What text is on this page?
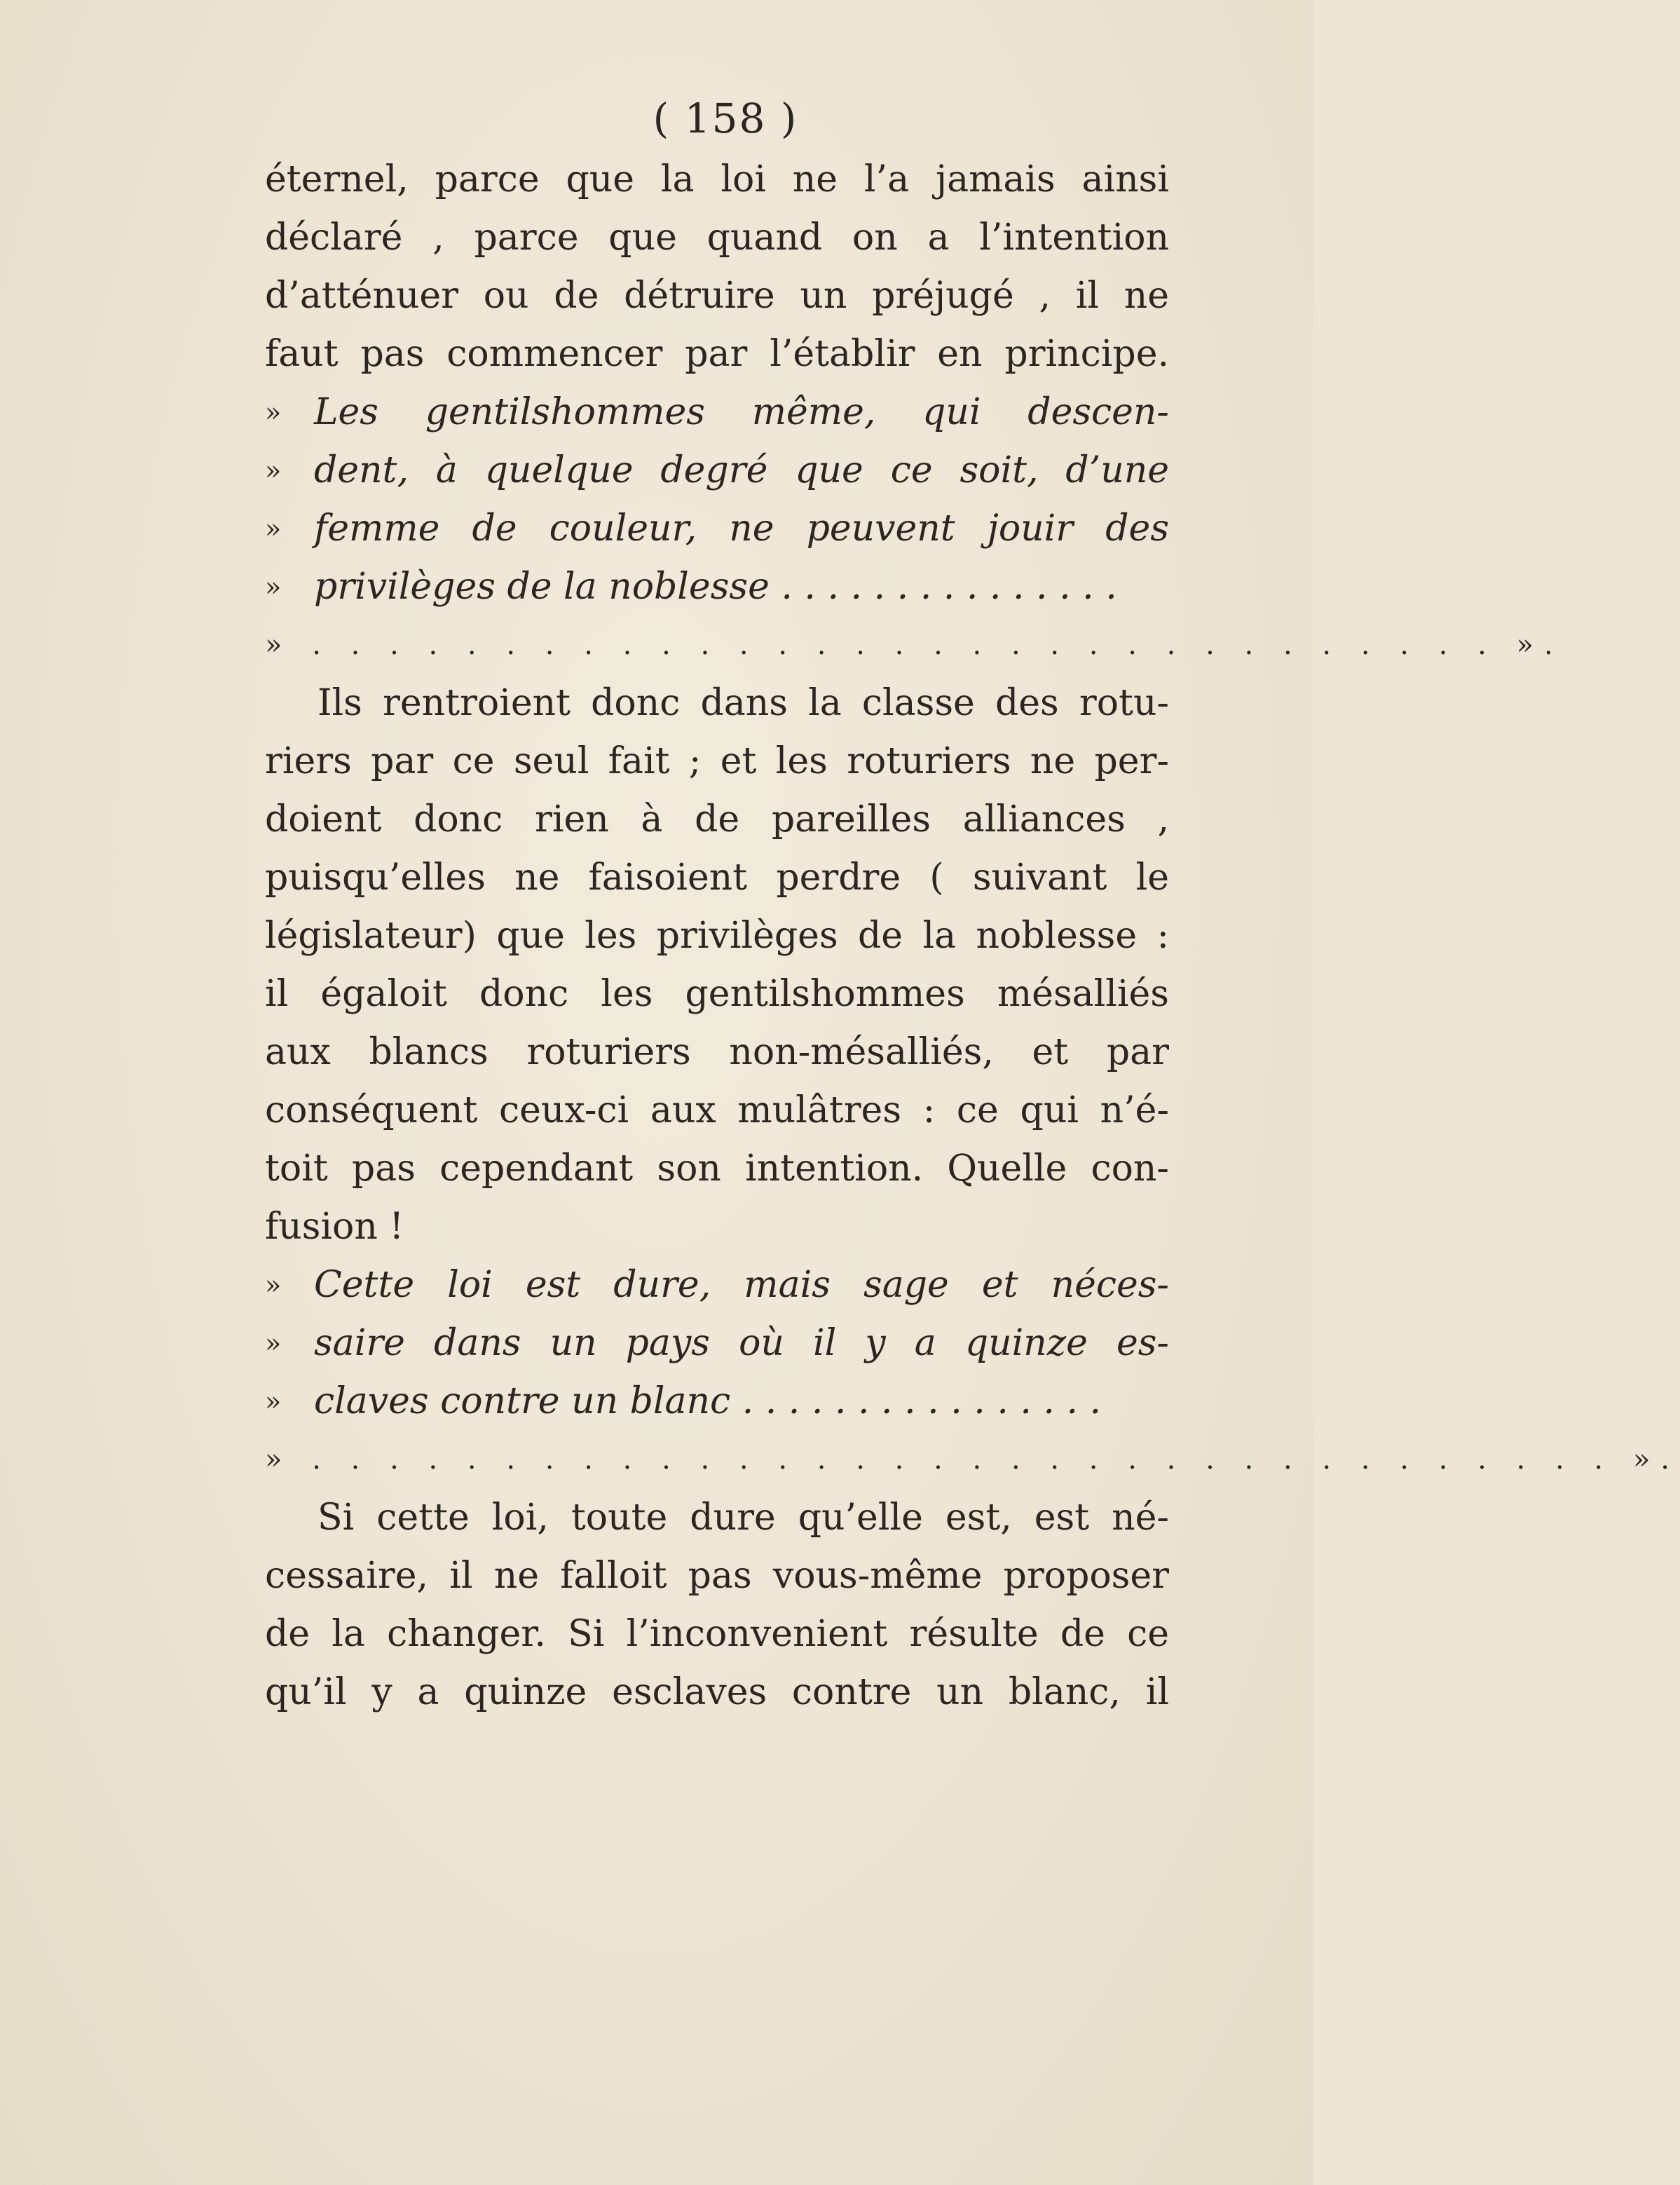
( 158 )
éternel, parce que la loi ne l’a jamais ainsi
déclaré , parce que quand on a l’intention
d’atténuer ou de détruire un préjugé , il ne
faut pas commencer par l’établir en principe.
» Les gentilshommes même, qui descen-
» dent, à quelque degré que ce soit, d’une
» femme de couleur, ne peuvent jouir des
» privilèges de la noblesse . . . . . . . . . . . . . . .
» . . . . . . . . . . . . . . . . . . . . . . . . . . . . . . . ».
Ils rentroient donc dans la classe des rotu-
riers par ce seul fait ; et les roturiers ne per-
doient donc rien à de pareilles alliances ,
puisqu’elles ne faisoient perdre ( suivant le
législateur) que les privilèges de la noblesse :
il égaloit donc les gentilshommes mésalliés
aux blancs roturiers non-mésalliés, et par
conséquent ceux-ci aux mulâtres : ce qui n’é-
toit pas cependant son intention. Quelle con-
fusion !
» Cette loi est dure, mais sage et néces-
» saire dans un pays où il y a quinze es-
» claves contre un blanc . . . . . . . . . . . . . . . .
» . . . . . . . . . . . . . . . . . . . . . . . . . . . . . . . . . . ».
Si cette loi, toute dure qu’elle est, est né-
cessaire, il ne falloit pas vous-même proposer
de la changer. Si l’inconvenient résulte de ce
qu’il y a quinze esclaves contre un blanc, il
